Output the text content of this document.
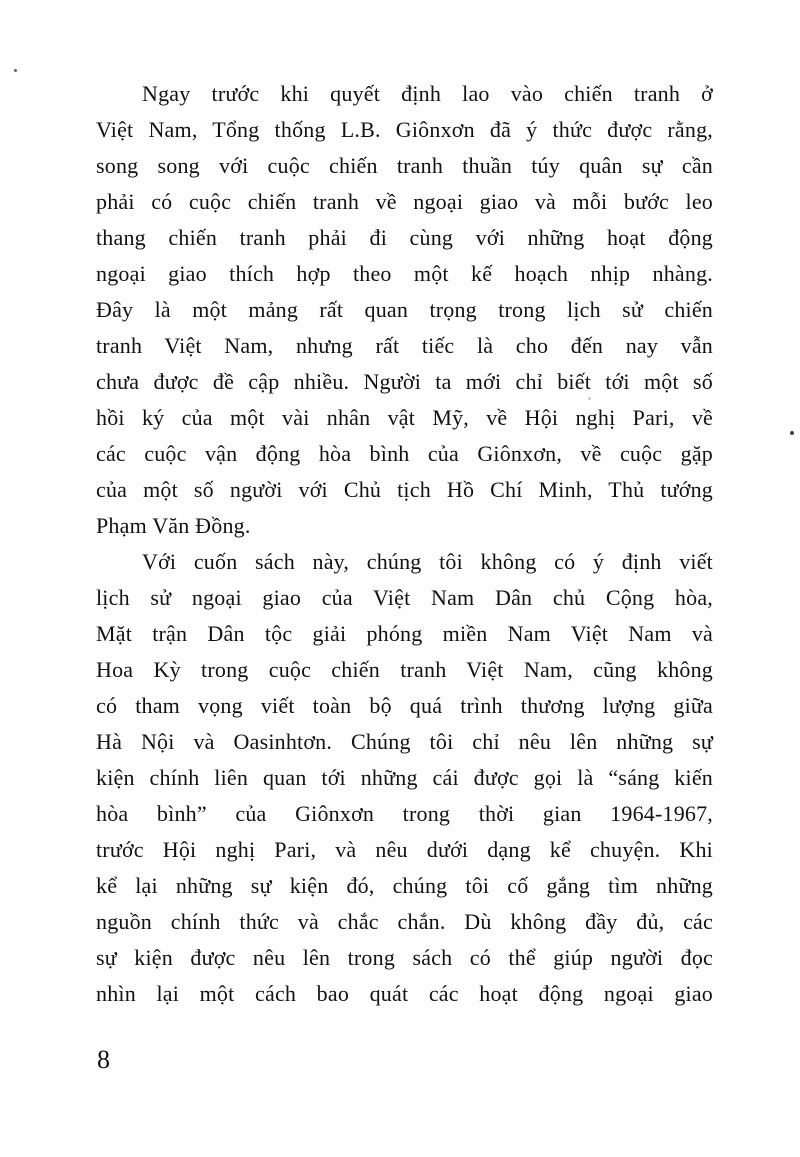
Ngay trước khi quyết định lao vào chiến tranh ở
Việt Nam, Tổng thống L.B. Giônxơn đã ý thức được rằng,
song song với cuộc chiến tranh thuần túy quân sự cần
phải có cuộc chiến tranh về ngoại giao và mỗi bước leo
thang chiến tranh phải đi cùng với những hoạt động
ngoại giao thích hợp theo một kế hoạch nhịp nhàng.
Đây là một mảng rất quan trọng trong lịch sử chiến
tranh Việt Nam, nhưng rất tiếc là cho đến nay vẫn
chưa được đề cập nhiều. Người ta mới chỉ biết tới một số
hồi ký của một vài nhân vật Mỹ, về Hội nghị Pari, về
các cuộc vận động hòa bình của Giônxơn, về cuộc gặp
của một số người với Chủ tịch Hồ Chí Minh, Thủ tướng
Phạm Văn Đồng.
Với cuốn sách này, chúng tôi không có ý định viết
lịch sử ngoại giao của Việt Nam Dân chủ Cộng hòa,
Mặt trận Dân tộc giải phóng miền Nam Việt Nam và
Hoa Kỳ trong cuộc chiến tranh Việt Nam, cũng không
có tham vọng viết toàn bộ quá trình thương lượng giữa
Hà Nội và Oasinhtơn. Chúng tôi chỉ nêu lên những sự
kiện chính liên quan tới những cái được gọi là “sáng kiến
hòa bình” của Giônxơn trong thời gian 1964-1967,
trước Hội nghị Pari, và nêu dưới dạng kể chuyện. Khi
kể lại những sự kiện đó, chúng tôi cố gắng tìm những
nguồn chính thức và chắc chắn. Dù không đầy đủ, các
sự kiện được nêu lên trong sách có thể giúp người đọc
nhìn lại một cách bao quát các hoạt động ngoại giao
8
